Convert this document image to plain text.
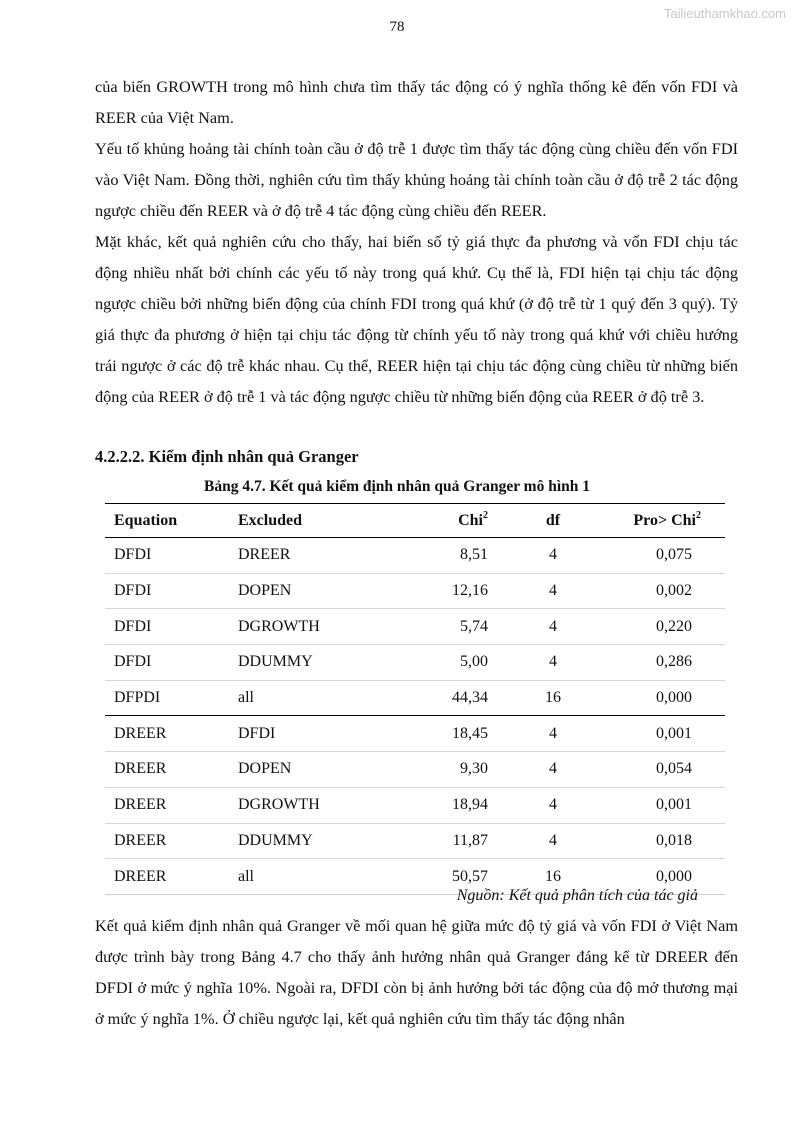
Tailieuthamkhao.com
78

của biến GROWTH trong mô hình chưa tìm thấy tác động có ý nghĩa thống kê đến vốn FDI và REER của Việt Nam.

Yếu tố khủng hoảng tài chính toàn cầu ở độ trễ 1 được tìm thấy tác động cùng chiều đến vốn FDI vào Việt Nam. Đồng thời, nghiên cứu tìm thấy khủng hoảng tài chính toàn cầu ở độ trễ 2 tác động ngược chiều đến REER và ở độ trễ 4 tác động cùng chiều đến REER.

Mặt khác, kết quả nghiên cứu cho thấy, hai biến số tỷ giá thực đa phương và vốn FDI chịu tác động nhiều nhất bởi chính các yếu tố này trong quá khứ. Cụ thể là, FDI hiện tại chịu tác động ngược chiều bởi những biến động của chính FDI trong quá khứ (ở độ trễ từ 1 quý đến 3 quý). Tỷ giá thực đa phương ở hiện tại chịu tác động từ chính yếu tố này trong quá khứ với chiều hướng trái ngược ở các độ trễ khác nhau. Cụ thể, REER hiện tại chịu tác động cùng chiều từ những biến động của REER ở độ trễ 1 và tác động ngược chiều từ những biến động của REER ở độ trễ 3.

4.2.2.2. Kiểm định nhân quả Granger

Bảng 4.7. Kết quả kiểm định nhân quả Granger mô hình 1

Equation	Excluded	Chi$^2$	df	Pro> Chi$^2$
DFDI	DREER	8,51	4	0,075
DFDI	DOPEN	12,16	4	0,002
DFDI	DGROWTH	5,74	4	0,220
DFDI	DDUMMY	5,00	4	0,286
DFPDI	all	44,34	16	0,000
DREER	DFDI	18,45	4	0,001
DREER	DOPEN	9,30	4	0,054
DREER	DGROWTH	18,94	4	0,001
DREER	DDUMMY	11,87	4	0,018
DREER	all	50,57	16	0,000

Nguồn: Kết quả phân tích của tác giả

Kết quả kiểm định nhân quả Granger về mối quan hệ giữa mức độ tỷ giá và vốn FDI ở Việt Nam được trình bày trong Bảng 4.7 cho thấy ảnh hưởng nhân quả Granger đáng kể từ DREER đến DFDI ở mức ý nghĩa 10%. Ngoài ra, DFDI còn bị ảnh hưởng bởi tác động của độ mở thương mại ở mức ý nghĩa 1%. Ở chiều ngược lại, kết quả nghiên cứu tìm thấy tác động nhân
